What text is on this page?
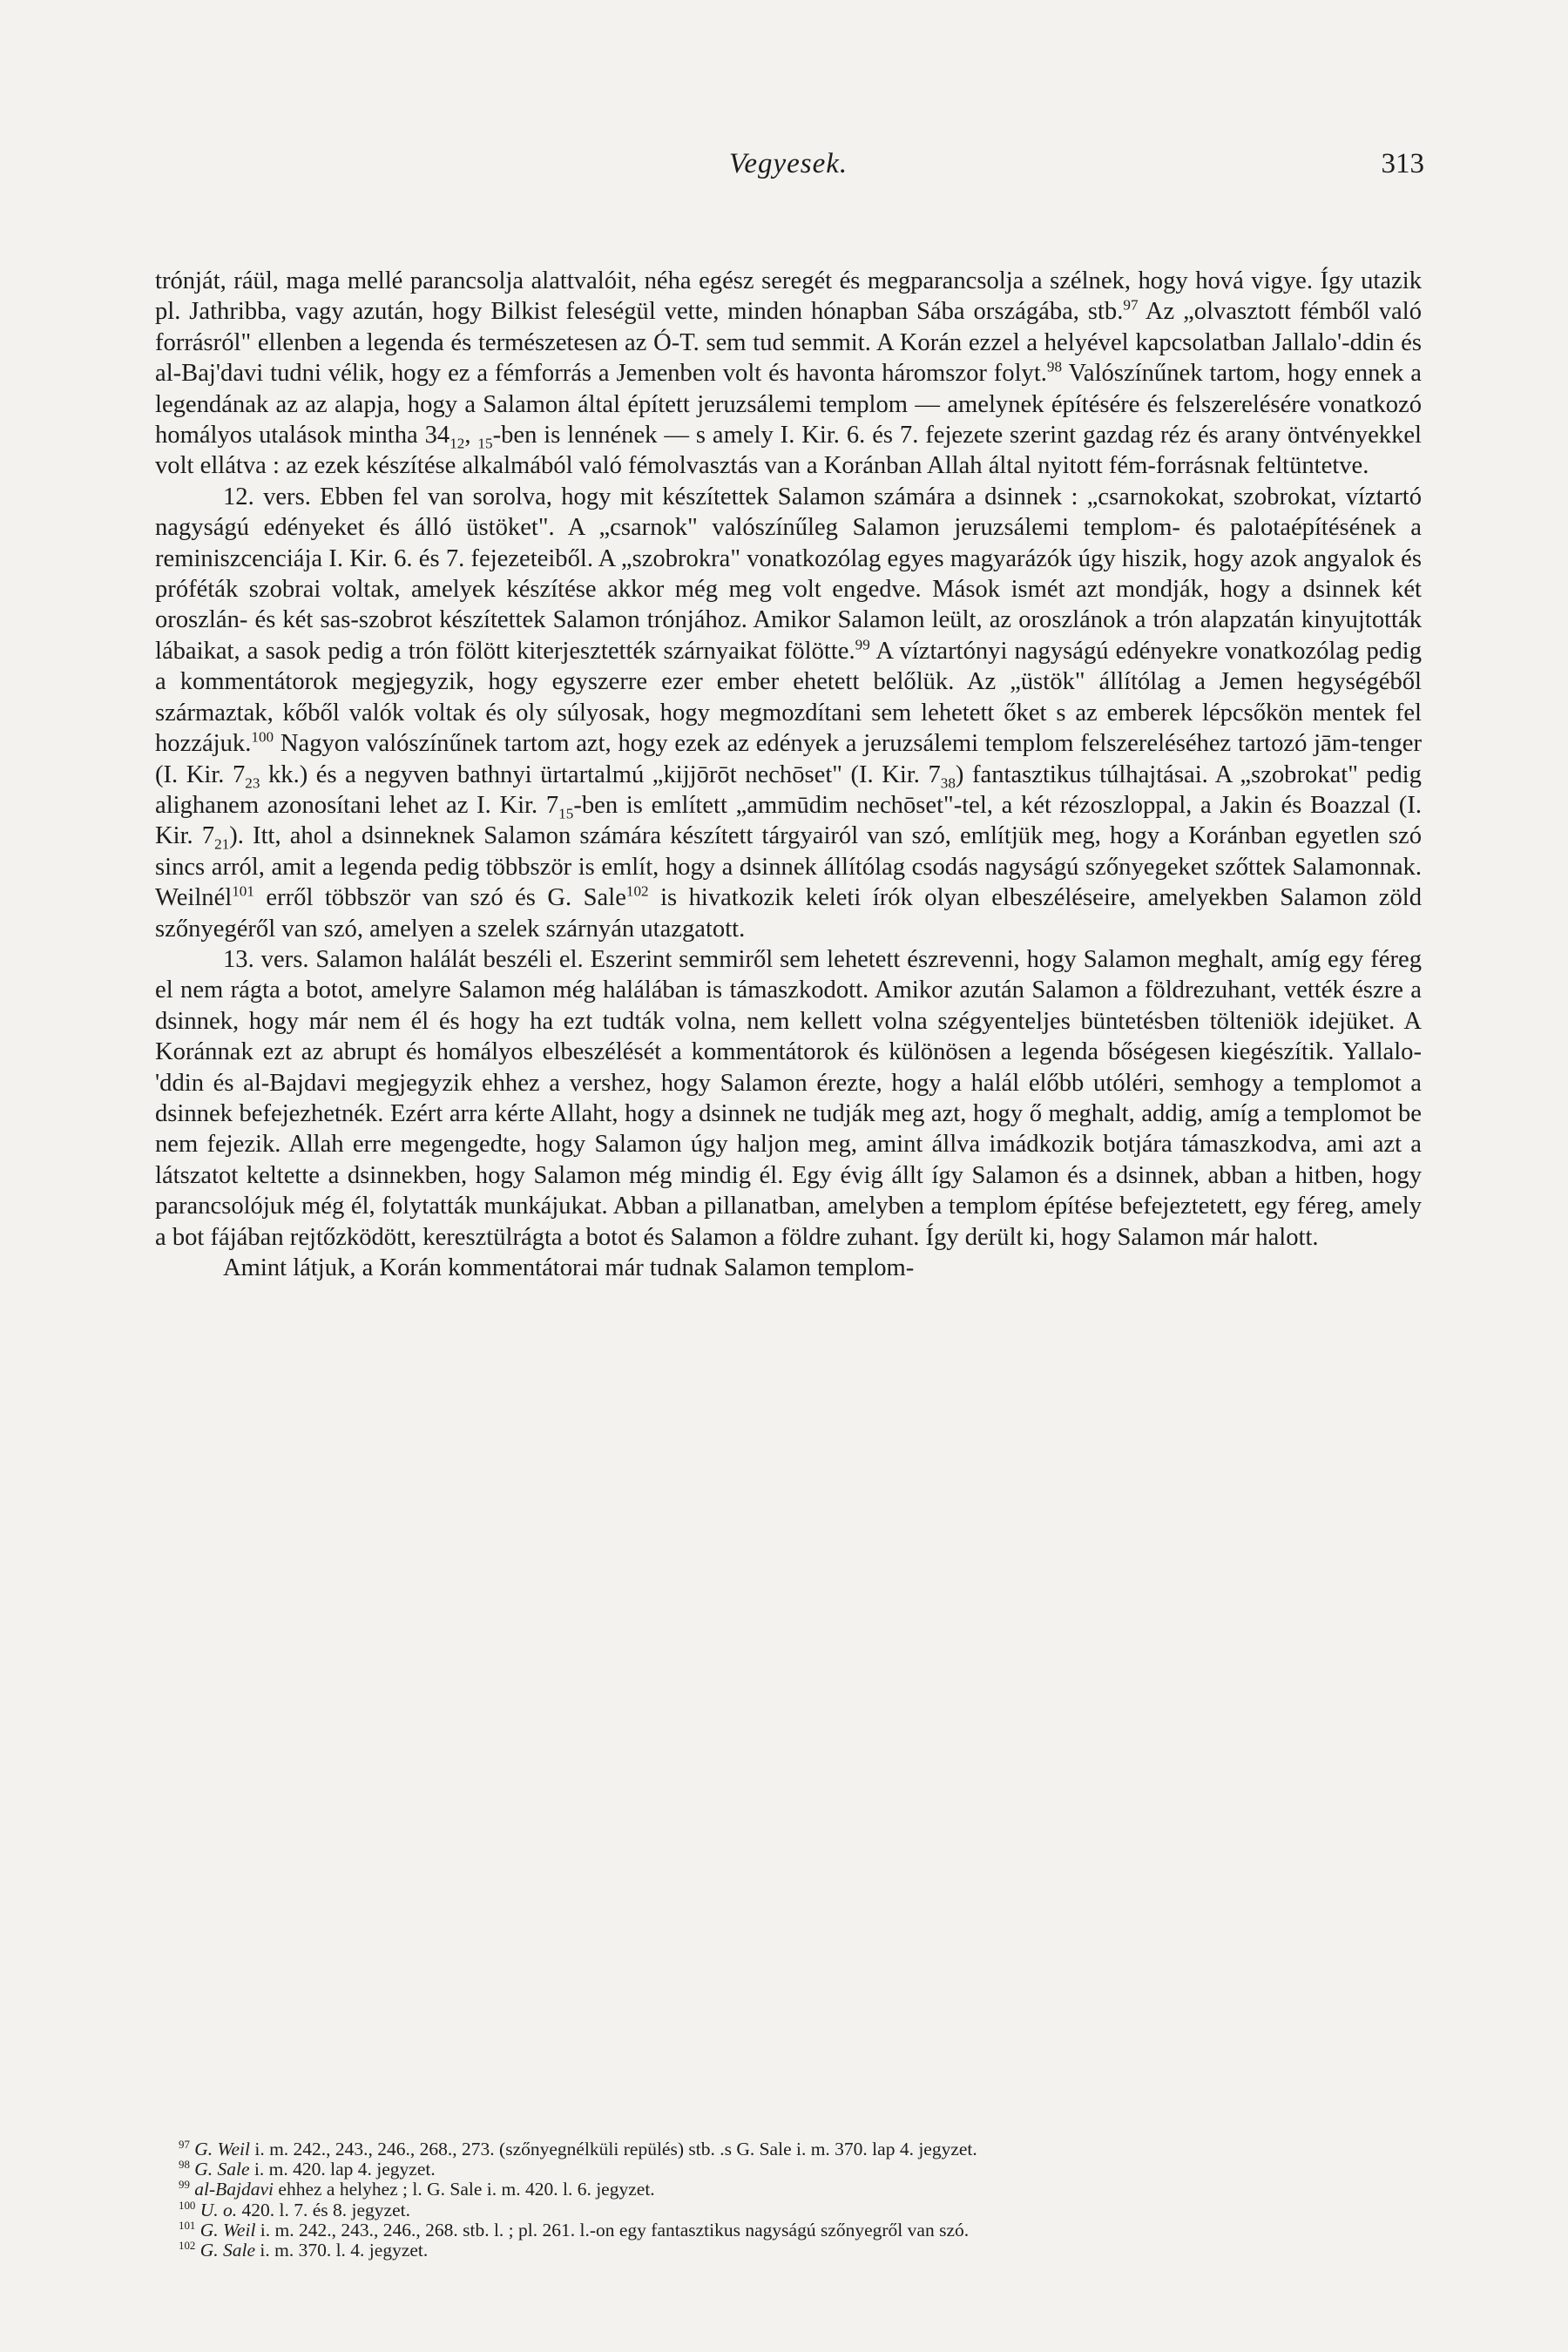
Vegyesek.	313

trónját, ráül, maga mellé parancsolja alattvalóit, néha egész seregét és megparancsolja a szélnek, hogy hová vigye. Így utazik pl. Jathribba, vagy azután, hogy Bilkist feleségül vette, minden hónapban Sába országába, stb.$^{97}$ Az „olvasztott fémből való forrásról" ellenben a legenda és természetesen az Ó-T. sem tud semmit. A Korán ezzel a helyével kapcsolatban Jallalo'-ddin és al-Baj'davi tudni vélik, hogy ez a fémforrás a Jemenben volt és havonta háromszor folyt.$^{98}$ Valószínűnek tartom, hogy ennek a legendának az az alapja, hogy a Salamon által épített jeruzsálemi templom — amelynek építésére és felszerelésére vonatkozó homályos utalások mintha $34_{12}$, $_{15}$-ben is lennének — s amely I. Kir. 6. és 7. fejezete szerint gazdag réz és arany öntvényekkel volt ellátva : az ezek készítése alkalmából való fémolvasztás van a Koránban Allah által nyitott fém-forrásnak feltüntetve.

12. vers. Ebben fel van sorolva, hogy mit készítettek Salamon számára a dsinnek : „csarnokokat, szobrokat, víztartó nagyságú edényeket és álló üstöket". A „csarnok" valószínűleg Salamon jeruzsálemi templom- és palotaépítésének a reminiszcenciája I. Kir. 6. és 7. fejezeteiből. A „szobrokra" vonatkozólag egyes magyarázók úgy hiszik, hogy azok angyalok és próféták szobrai voltak, amelyek készítése akkor még meg volt engedve. Mások ismét azt mondják, hogy a dsinnek két oroszlán- és két sas-szobrot készítettek Salamon trónjához. Amikor Salamon leült, az oroszlánok a trón alapzatán kinyujtották lábaikat, a sasok pedig a trón fölött kiterjesztették szárnyaikat fölötte.$^{99}$ A víztartónyi nagyságú edényekre vonatkozólag pedig a kommentátorok megjegyzik, hogy egyszerre ezer ember ehetett belőlük. Az „üstök" állítólag a Jemen hegységéből származtak, kőből valók voltak és oly súlyosak, hogy megmozdítani sem lehetett őket s az emberek lépcsőkön mentek fel hozzájuk.$^{100}$ Nagyon valószínűnek tartom azt, hogy ezek az edények a jeruzsálemi templom felszereléséhez tartozó jām-tenger (I. Kir. $7_{23}$ kk.) és a negyven bathnyi ürtartalmú „kijjōrōt nechōset" (I. Kir. $7_{38}$) fantasztikus túlhajtásai. A „szobrokat" pedig alighanem azonosítani lehet az I. Kir. $7_{15}$-ben is említett „ammūdim nechōset"-tel, a két rézoszloppal, a Jakin és Boazzal (I. Kir. $7_{21}$). Itt, ahol a dsinneknek Salamon számára készített tárgyairól van szó, említjük meg, hogy a Koránban egyetlen szó sincs arról, amit a legenda pedig többször is említ, hogy a dsinnek állítólag csodás nagyságú szőnyegeket szőttek Salamonnak. Weilnél$^{101}$ erről többször van szó és G. Sale$^{102}$ is hivatkozik keleti írók olyan elbeszéléseire, amelyekben Salamon zöld szőnyegéről van szó, amelyen a szelek szárnyán utazgatott.

13. vers. Salamon halálát beszéli el. Eszerint semmiről sem lehetett észrevenni, hogy Salamon meghalt, amíg egy féreg el nem rágta a botot, amelyre Salamon még halálában is támaszkodott. Amikor azután Salamon a földrezuhant, vették észre a dsinnek, hogy már nem él és hogy ha ezt tudták volna, nem kellett volna szégyenteljes büntetésben tölteniök idejüket. A Koránnak ezt az abrupt és homályos elbeszélését a kommentátorok és különösen a legenda bőségesen kiegészítik. Yallalo-'ddin és al-Bajdavi megjegyzik ehhez a vershez, hogy Salamon érezte, hogy a halál előbb utóléri, semhogy a templomot a dsinnek befejezhetnék. Ezért arra kérte Allaht, hogy a dsinnek ne tudják meg azt, hogy ő meghalt, addig, amíg a templomot be nem fejezik. Allah erre megengedte, hogy Salamon úgy haljon meg, amint állva imádkozik botjára támaszkodva, ami azt a látszatot keltette a dsinnekben, hogy Salamon még mindig él. Egy évig állt így Salamon és a dsinnek, abban a hitben, hogy parancsolójuk még él, folytatták munkájukat. Abban a pillanatban, amelyben a templom építése befejeztetett, egy féreg, amely a bot fájában rejtőzködött, keresztülrágta a botot és Salamon a földre zuhant. Így derült ki, hogy Salamon már halott.

Amint látjuk, a Korán kommentátorai már tudnak Salamon templom-

$^{97}$ G. Weil i. m. 242., 243., 246., 268., 273. (szőnyegnélküli repülés) stb. .s G. Sale i. m. 370. lap 4. jegyzet.

$^{98}$ G. Sale i. m. 420. lap 4. jegyzet.

$^{99}$ al-Bajdavi ehhez a helyhez ; l. G. Sale i. m. 420. l. 6. jegyzet.

$^{100}$ U. o. 420. l. 7. és 8. jegyzet.

$^{101}$ G. Weil i. m. 242., 243., 246., 268. stb. l. ; pl. 261. l.-on egy fantasztikus nagyságú szőnyegről van szó.

$^{102}$ G. Sale i. m. 370. l. 4. jegyzet.
